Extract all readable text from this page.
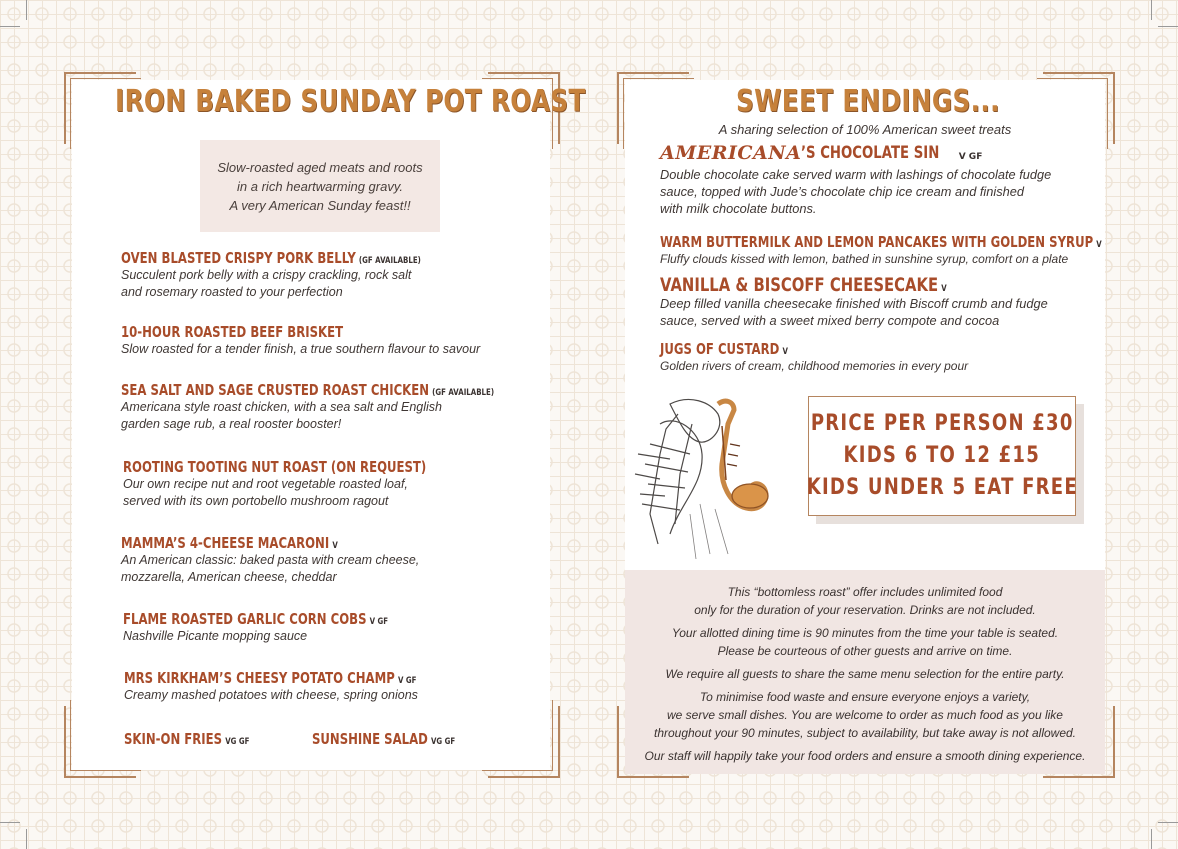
IRON BAKED SUNDAY POT ROAST
Slow-roasted aged meats and roots
in a rich heartwarming gravy.
A very American Sunday feast!!
OVEN BLASTED CRISPY PORK BELLY (GF AVAILABLE)
Succulent pork belly with a crispy crackling, rock salt
and rosemary roasted to your perfection
10-HOUR ROASTED BEEF BRISKET
Slow roasted for a tender finish, a true southern flavour to savour
SEA SALT AND SAGE CRUSTED ROAST CHICKEN (GF AVAILABLE)
Americana style roast chicken, with a sea salt and English
garden sage rub, a real rooster booster!
ROOTING TOOTING NUT ROAST (ON REQUEST)
Our own recipe nut and root vegetable roasted loaf,
served with its own portobello mushroom ragout
MAMMA’S 4-CHEESE MACARONI V
An American classic: baked pasta with cream cheese,
mozzarella, American cheese, cheddar
FLAME ROASTED GARLIC CORN COBS V GF
Nashville Picante mopping sauce
MRS KIRKHAM’S CHEESY POTATO CHAMP V GF
Creamy mashed potatoes with cheese, spring onions
SKIN-ON FRIES VG GF	SUNSHINE SALAD VG GF
SWEET ENDINGS...
A sharing selection of 100% American sweet treats
AMERICANA’S CHOCOLATE SIN V GF
Double chocolate cake served warm with lashings of chocolate fudge
sauce, topped with Jude’s chocolate chip ice cream and finished
with milk chocolate buttons.
WARM BUTTERMILK AND LEMON PANCAKES WITH GOLDEN SYRUP V
Fluffy clouds kissed with lemon, bathed in sunshine syrup, comfort on a plate
VANILLA & BISCOFF CHEESECAKE V
Deep filled vanilla cheesecake finished with Biscoff crumb and fudge
sauce, served with a sweet mixed berry compote and cocoa
JUGS OF CUSTARD V
Golden rivers of cream, childhood memories in every pour
PRICE PER PERSON £30
KIDS 6 TO 12 £15
KIDS UNDER 5 EAT FREE

This “bottomless roast” offer includes unlimited food
only for the duration of your reservation. Drinks are not included.

Your allotted dining time is 90 minutes from the time your table is seated.
Please be courteous of other guests and arrive on time.

We require all guests to share the same menu selection for the entire party.

To minimise food waste and ensure everyone enjoys a variety,
we serve small dishes. You are welcome to order as much food as you like
throughout your 90 minutes, subject to availability, but take away is not allowed.

Our staff will happily take your food orders and ensure a smooth dining experience.
